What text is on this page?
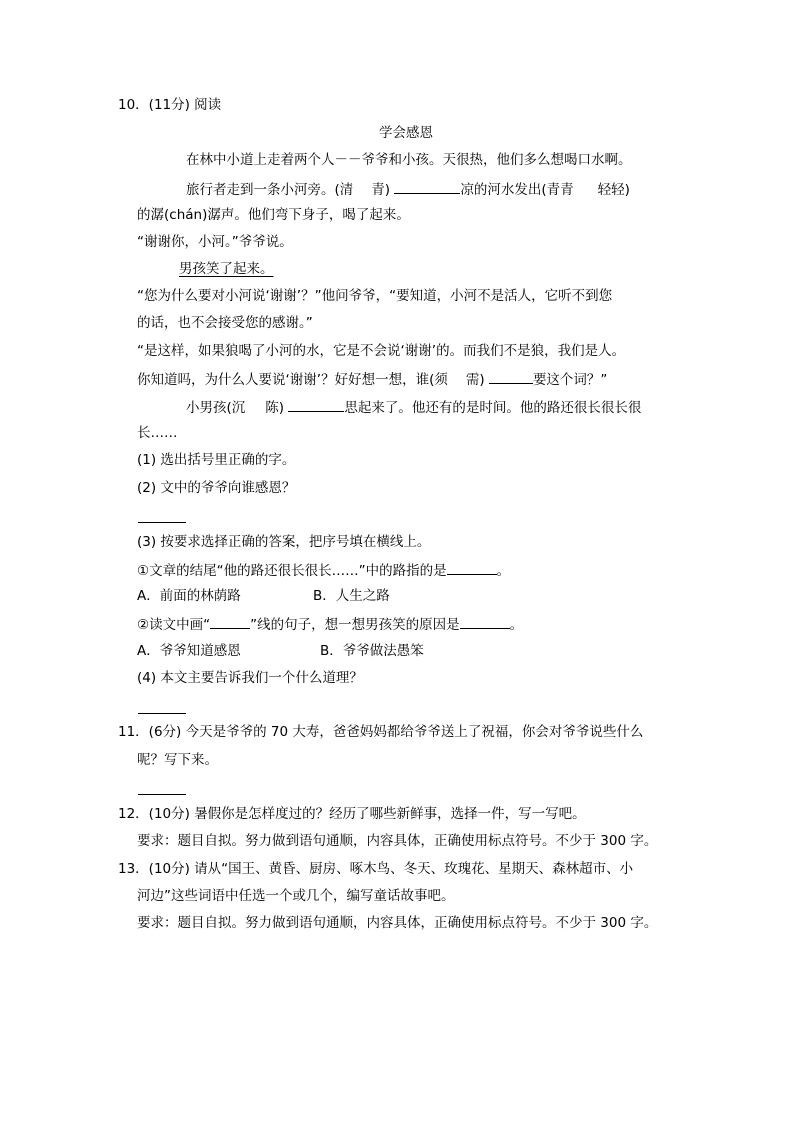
10．(11分) 阅读
学会感恩
在林中小道上走着两个人－－爷爷和小孩。天很热，他们多么想喝口水啊。
旅行者走到一条小河旁。(清 青)	凉的河水发出(青青 轻轻)
的潺(chán)潺声。他们弯下身子，喝了起来。
“谢谢你，小河。”爷爷说。
男孩笑了起来。
“您为什么要对小河说‘谢谢’？”他问爷爷，“要知道，小河不是活人，它听不到您
的话，也不会接受您的感谢。”
“是这样，如果狼喝了小河的水，它是不会说‘谢谢’的。而我们不是狼，我们是人。
你知道吗，为什么人要说‘谢谢’？好好想一想，谁(须 需)	要这个词？”
小男孩(沉 陈)	思起来了。他还有的是时间。他的路还很长很长很
长……
(1) 选出括号里正确的字。
(2) 文中的爷爷向谁感恩？
(3) 按要求选择正确的答案，把序号填在横线上。
①文章的结尾“他的路还很长很长……”中的路指的是	。
A．前面的林荫路	B．人生之路
②读文中画“	”线的句子，想一想男孩笑的原因是	。
A．爷爷知道感恩	B．爷爷做法愚笨
(4) 本文主要告诉我们一个什么道理？
11．(6分) 今天是爷爷的 70 大寿，爸爸妈妈都给爷爷送上了祝福，你会对爷爷说些什么
呢？写下来。
12．(10分) 暑假你是怎样度过的？经历了哪些新鲜事，选择一件，写一写吧。
要求：题目自拟。努力做到语句通顺，内容具体，正确使用标点符号。不少于 300 字。
13．(10分) 请从“国王、黄昏、厨房、啄木鸟、冬天、玫瑰花、星期天、森林超市、小
河边”这些词语中任选一个或几个，编写童话故事吧。
要求：题目自拟。努力做到语句通顺，内容具体，正确使用标点符号。不少于 300 字。
